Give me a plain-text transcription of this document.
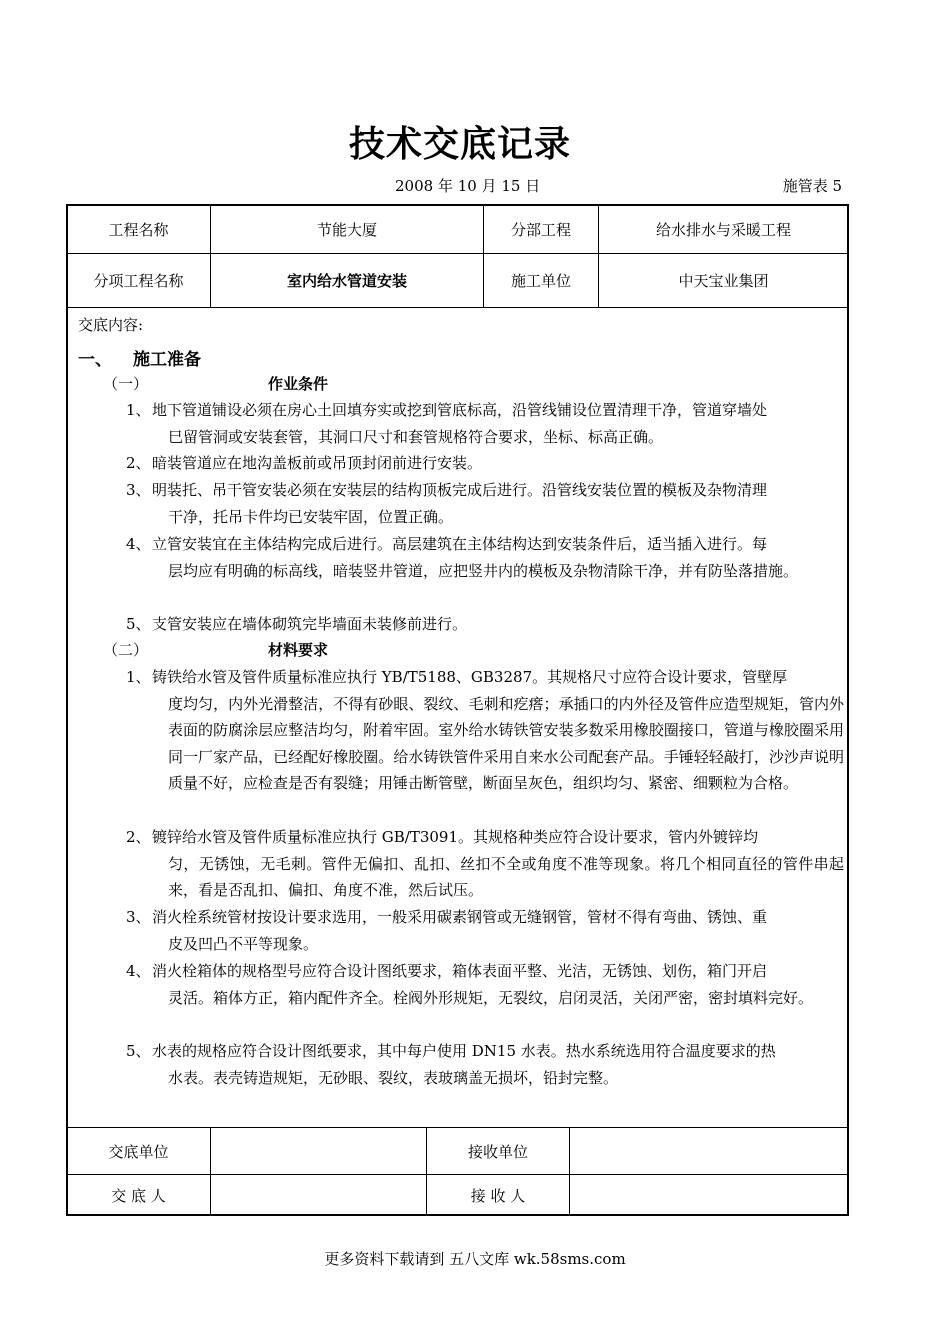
技术交底记录
2008 年 10 月 15 日	施管表 5
工程名称	节能大厦	分部工程	给水排水与采暖工程
分项工程名称	室内给水管道安装	施工单位	中天宝业集团
交底内容:
一、 施工准备
（一）	作业条件
1、 地下管道铺设必须在房心土回填夯实或挖到管底标高，沿管线铺设位置清理干净，管道穿墙处
巳留管洞或安装套管，其洞口尺寸和套管规格符合要求，坐标、标高正确。
2、 暗装管道应在地沟盖板前或吊顶封闭前进行安装。
3、 明装托、吊干管安装必须在安装层的结构顶板完成后进行。沿管线安装位置的模板及杂物清理
干净，托吊卡件均已安装牢固，位置正确。
4、 立管安装宜在主体结构完成后进行。高层建筑在主体结构达到安装条件后，适当插入进行。每
层均应有明确的标高线，暗装竖井管道，应把竖井内的模板及杂物清除干净，并有防坠落措施。
5、 支管安装应在墙体砌筑完毕墙面未装修前进行。
（二）	材料要求
1、 铸铁给水管及管件质量标准应执行 YB/T5188、GB3287。其规格尺寸应符合设计要求，管壁厚
度均匀，内外光滑整洁，不得有砂眼、裂纹、毛刺和疙瘩；承插口的内外径及管件应造型规矩，管内外表面的防腐涂层应整洁均匀，附着牢固。室外给水铸铁管安装多数采用橡胶圈接口，管道与橡胶圈采用同一厂家产品，已经配好橡胶圈。给水铸铁管件采用自来水公司配套产品。手锤轻轻敲打，沙沙声说明质量不好，应检查是否有裂缝；用锤击断管壁，断面呈灰色，组织均匀、紧密、细颗粒为合格。
2、 镀锌给水管及管件质量标准应执行 GB/T3091。其规格种类应符合设计要求，管内外镀锌均
匀，无锈蚀，无毛刺。管件无偏扣、乱扣、丝扣不全或角度不准等现象。将几个相同直径的管件串起来，看是否乱扣、偏扣、角度不准，然后试压。
3、 消火栓系统管材按设计要求选用，一般采用碳素钢管或无缝钢管，管材不得有弯曲、锈蚀、重
皮及凹凸不平等现象。
4、 消火栓箱体的规格型号应符合设计图纸要求，箱体表面平整、光洁，无锈蚀、划伤，箱门开启
灵活。箱体方正，箱内配件齐全。栓阀外形规矩，无裂纹，启闭灵活，关闭严密，密封填料完好。
5、 水表的规格应符合设计图纸要求，其中每户使用 DN15 水表。热水系统选用符合温度要求的热
水表。表壳铸造规矩，无砂眼、裂纹，表玻璃盖无损坏，铅封完整。
交底单位	接收单位
交 底 人	接 收 人
更多资料下载请到 五八文库 wk.58sms.com
